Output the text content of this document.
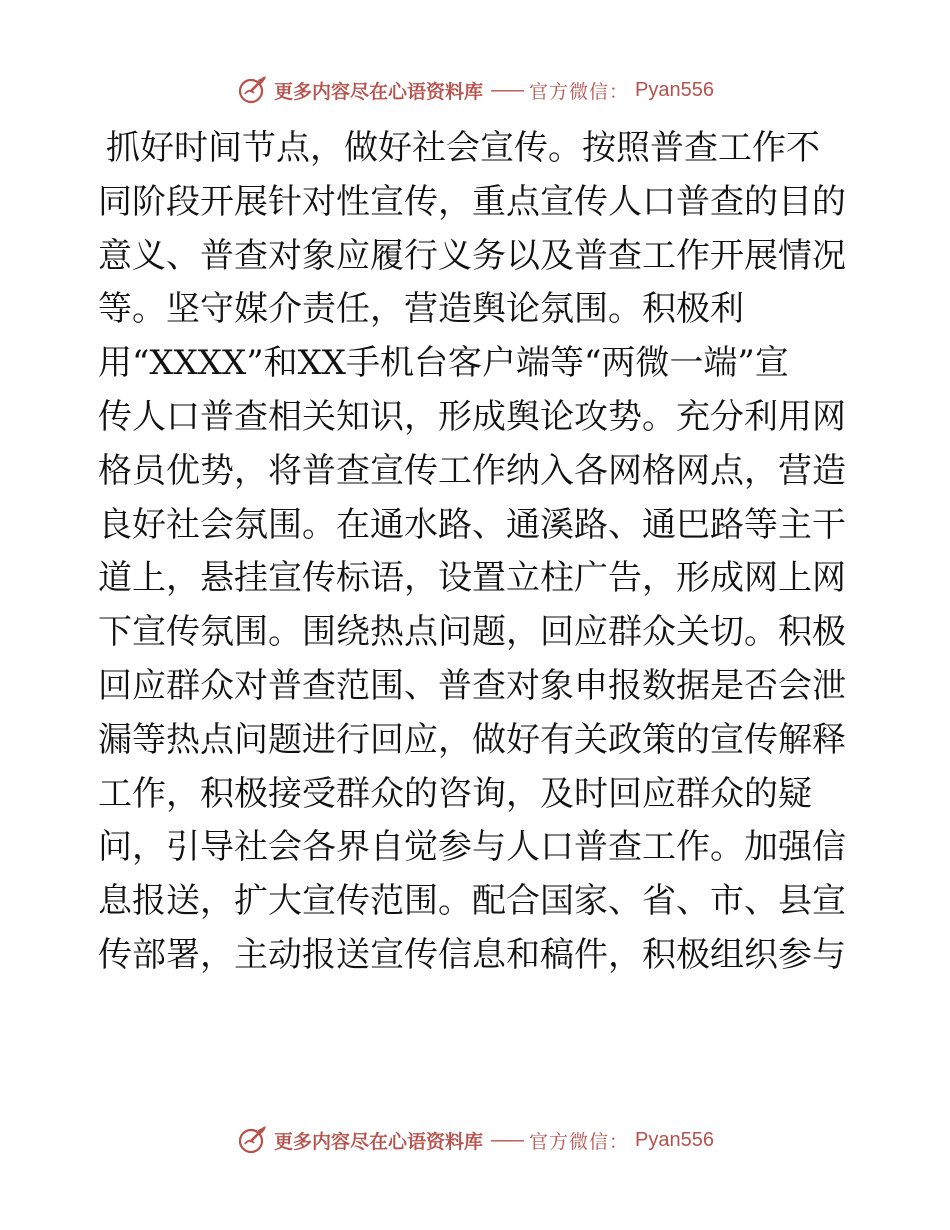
更多内容尽在心语资料库 —— 官方微信： Pyan556
抓好时间节点，做好社会宣传。按照普查工作不
同阶段开展针对性宣传，重点宣传人口普查的目的
意义、普查对象应履行义务以及普查工作开展情况
等。坚守媒介责任，营造舆论氛围。积极利
用“XXXX”和XX手机台客户端等“两微一端”宣
传人口普查相关知识，形成舆论攻势。充分利用网
格员优势，将普查宣传工作纳入各网格网点，营造
良好社会氛围。在通水路、通溪路、通巴路等主干
道上，悬挂宣传标语，设置立柱广告，形成网上网
下宣传氛围。围绕热点问题，回应群众关切。积极
回应群众对普查范围、普查对象申报数据是否会泄
漏等热点问题进行回应，做好有关政策的宣传解释
工作，积极接受群众的咨询，及时回应群众的疑
问，引导社会各界自觉参与人口普查工作。加强信
息报送，扩大宣传范围。配合国家、省、市、县宣
传部署，主动报送宣传信息和稿件，积极组织参与
更多内容尽在心语资料库 —— 官方微信： Pyan556
